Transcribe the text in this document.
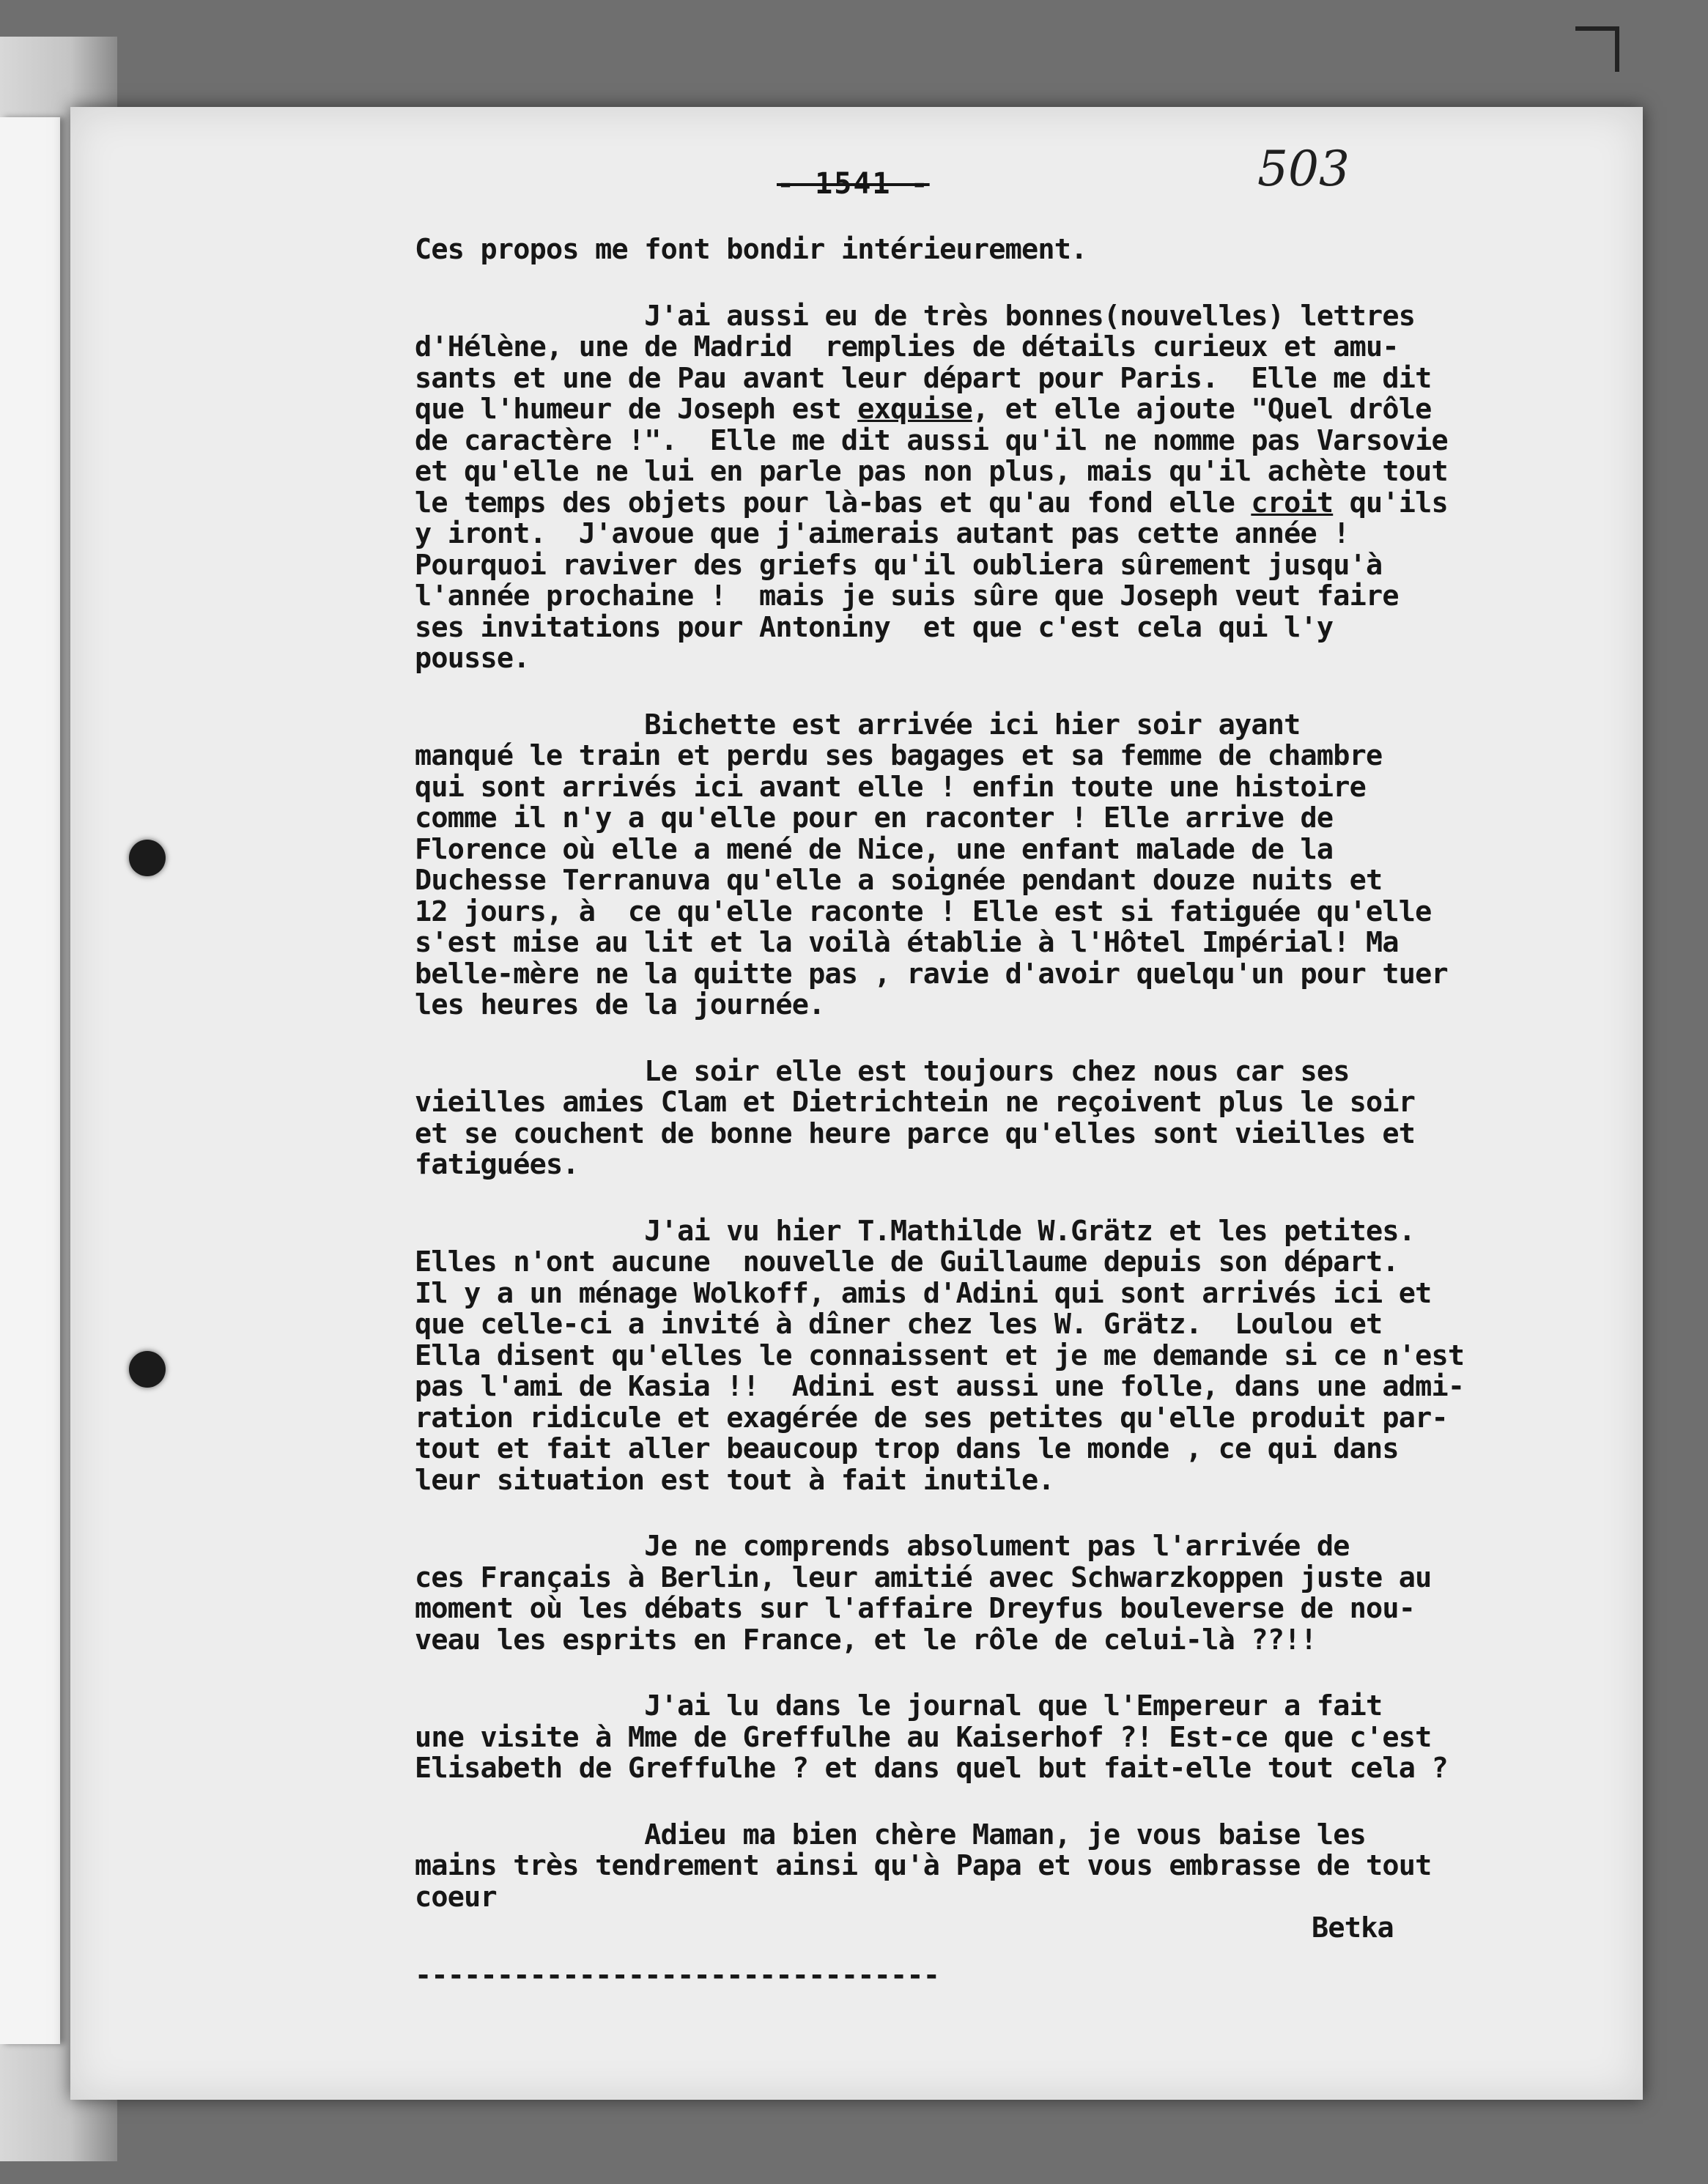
- 1541 -	503
Ces propos me font bondir intérieurement.
J'ai aussi eu de très bonnes(nouvelles) lettres
d'Hélène, une de Madrid  remplies de détails curieux et amu-
sants et une de Pau avant leur départ pour Paris.  Elle me dit
que l'humeur de Joseph est exquise, et elle ajoute "Quel drôle
de caractère !".  Elle me dit aussi qu'il ne nomme pas Varsovie
et qu'elle ne lui en parle pas non plus, mais qu'il achète tout
le temps des objets pour là-bas et qu'au fond elle croit qu'ils
y iront.  J'avoue que j'aimerais autant pas cette année !
Pourquoi raviver des griefs qu'il oubliera sûrement jusqu'à
l'année prochaine !  mais je suis sûre que Joseph veut faire
ses invitations pour Antoniny  et que c'est cela qui l'y
pousse.
Bichette est arrivée ici hier soir ayant
manqué le train et perdu ses bagages et sa femme de chambre
qui sont arrivés ici avant elle ! enfin toute une histoire
comme il n'y a qu'elle pour en raconter ! Elle arrive de
Florence où elle a mené de Nice, une enfant malade de la
Duchesse Terranuva qu'elle a soignée pendant douze nuits et
12 jours, à  ce qu'elle raconte ! Elle est si fatiguée qu'elle
s'est mise au lit et la voilà établie à l'Hôtel Impérial! Ma
belle-mère ne la quitte pas , ravie d'avoir quelqu'un pour tuer
les heures de la journée.
Le soir elle est toujours chez nous car ses
vieilles amies Clam et Dietrichtein ne reçoivent plus le soir
et se couchent de bonne heure parce qu'elles sont vieilles et
fatiguées.
J'ai vu hier T.Mathilde W.Grätz et les petites.
Elles n'ont aucune  nouvelle de Guillaume depuis son départ.
Il y a un ménage Wolkoff, amis d'Adini qui sont arrivés ici et
que celle-ci a invité à dîner chez les W. Grätz.  Loulou et
Ella disent qu'elles le connaissent et je me demande si ce n'est
pas l'ami de Kasia !!  Adini est aussi une folle, dans une admi-
ration ridicule et exagérée de ses petites qu'elle produit par-
tout et fait aller beaucoup trop dans le monde , ce qui dans
leur situation est tout à fait inutile.
Je ne comprends absolument pas l'arrivée de
ces Français à Berlin, leur amitié avec Schwarzkoppen juste au
moment où les débats sur l'affaire Dreyfus bouleverse de nou-
veau les esprits en France, et le rôle de celui-là ??!!
J'ai lu dans le journal que l'Empereur a fait
une visite à Mme de Greffulhe au Kaiserhof ?! Est-ce que c'est
Elisabeth de Greffulhe ? et dans quel but fait-elle tout cela ?
Adieu ma bien chère Maman, je vous baise les
mains très tendrement ainsi qu'à Papa et vous embrasse de tout
coeur
Betka
--------------------------------
